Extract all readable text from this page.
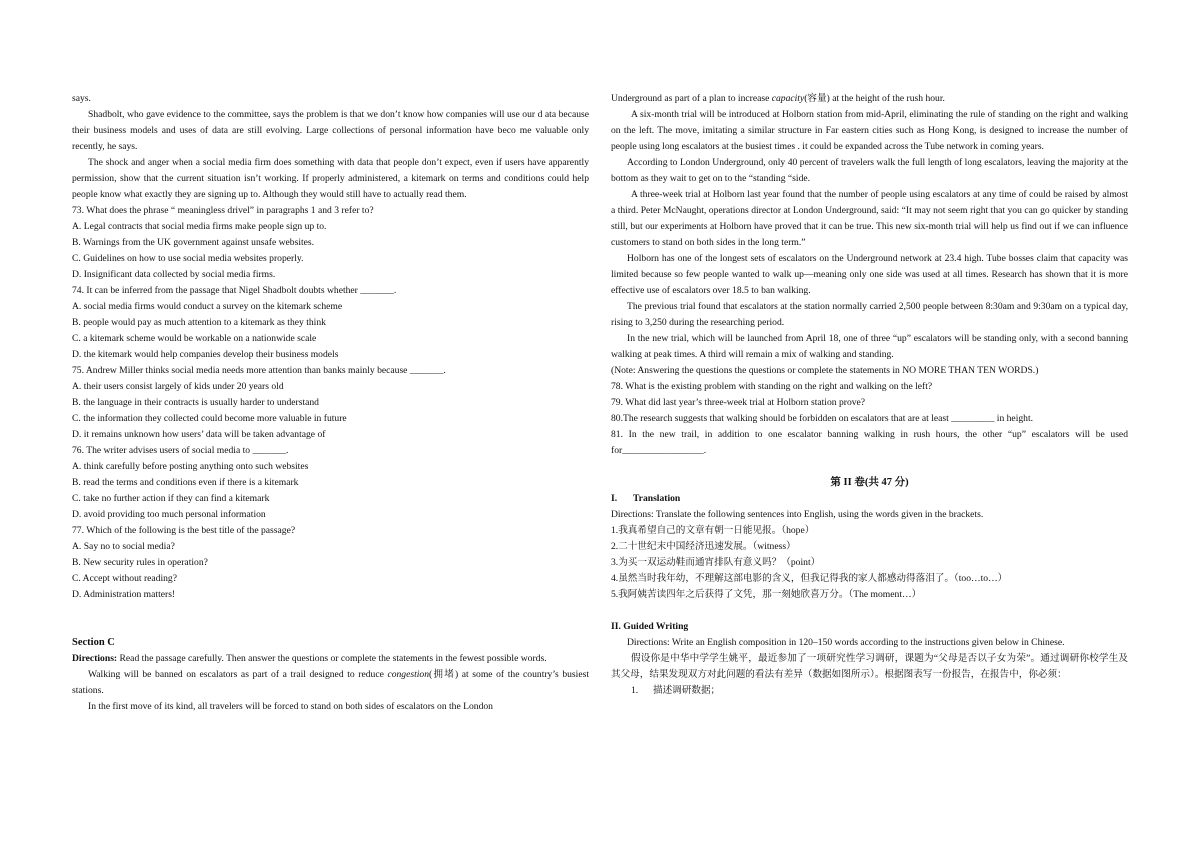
says.

Shadbolt, who gave evidence to the committee, says the problem is that we don’t know how companies will use our d ata because their business models and uses of data are still evolving. Large collections of personal information have beco me valuable only recently, he says.

The shock and anger when a social media firm does something with data that people don’t expect, even if users have apparently permission, show that the current situation isn’t working. If properly administered, a kitemark on terms and conditions could help people know what exactly they are signing up to. Although they would still have to actually read them.

73. What does the phrase “ meaningless drivel” in paragraphs 1 and 3 refer to?

A. Legal contracts that social media firms make people sign up to.

B. Warnings from the UK government against unsafe websites.

C. Guidelines on how to use social media websites properly.

D. Insignificant data collected by social media firms.

74. It can be inferred from the passage that Nigel Shadbolt doubts whether _______.

A. social media firms would conduct a survey on the kitemark scheme

B. people would pay as much attention to a kitemark as they think

C. a kitemark scheme would be workable on a nationwide scale

D. the kitemark would help companies develop their business models

75. Andrew Miller thinks social media needs more attention than banks mainly because _______.

A. their users consist largely of kids under 20 years old

B. the language in their contracts is usually harder to understand

C. the information they collected could become more valuable in future

D. it remains unknown how users’ data will be taken advantage of

76. The writer advises users of social media to _______.

A. think carefully before posting anything onto such websites

B. read the terms and conditions even if there is a kitemark

C. take no further action if they can find a kitemark

D. avoid providing too much personal information

77. Which of the following is the best title of the passage?

A. Say no to social media?

B. New security rules in operation?

C. Accept without reading?

D. Administration matters!

Section C

Directions: Read the passage carefully. Then answer the questions or complete the statements in the fewest possible words.

Walking will be banned on escalators as part of a trail designed to reduce congestion(拥堵) at some of the country’s busiest stations.

In the first move of its kind, all travelers will be forced to stand on both sides of escalators on the London

Underground as part of a plan to increase capacity(容量) at the height of the rush hour.

A six-month trial will be introduced at Holborn station from mid-April, eliminating the rule of standing on the right and walking on the left. The move, imitating a similar structure in Far eastern cities such as Hong Kong, is designed to increase the number of people using long escalators at the busiest times . it could be expanded across the Tube network in coming years.

According to London Underground, only 40 percent of travelers walk the full length of long escalators, leaving the majority at the bottom as they wait to get on to the “standing “side.

A three-week trial at Holborn last year found that the number of people using escalators at any time of could be raised by almost a third. Peter McNaught, operations director at London Underground, said: “It may not seem right that you can go quicker by standing still, but our experiments at Holborn have proved that it can be true. This new six-month trial will help us find out if we can influence customers to stand on both sides in the long term.”

Holborn has one of the longest sets of escalators on the Underground network at 23.4 high. Tube bosses claim that capacity was limited because so few people wanted to walk up—meaning only one side was used at all times. Research has shown that it is more effective use of escalators over 18.5 to ban walking.

The previous trial found that escalators at the station normally carried 2,500 people between 8:30am and 9:30am on a typical day, rising to 3,250 during the researching period.

In the new trial, which will be launched from April 18, one of three “up” escalators will be standing only, with a second banning walking at peak times. A third will remain a mix of walking and standing.

(Note: Answering the questions the questions or complete the statements in NO MORE THAN TEN WORDS.)

78. What is the existing problem with standing on the right and walking on the left?

79. What did last year’s three-week trial at Holborn station prove?

80.The research suggests that walking should be forbidden on escalators that are at least _________ in height.

81. In the new trail, in addition to one escalator banning walking in rush hours, the other “up” escalators will be used for_________________.

第 II 卷(共 47 分)

I. Translation

Directions: Translate the following sentences into English, using the words given in the brackets.

1.我真希望自己的文章有朝一日能见报。（hope）

2.二十世纪末中国经济迅速发展。（witness）

3.为买一双运动鞋而通宵排队有意义吗？（point）

4.虽然当时我年幼，不理解这部电影的含义，但我记得我的家人都感动得落泪了。（too…to…）

5.我阿姨苦读四年之后获得了文凭，那一刻她欣喜万分。（The moment…）

II. Guided Writing

Directions: Write an English composition in 120–150 words according to the instructions given below in Chinese.

假设你是中华中学学生姚平，最近参加了一项研究性学习调研，课题为“父母是否以子女为荣”。通过调研你校学生及其父母，结果发现双方对此问题的看法有差异（数据如图所示）。根据图表写一份报告，在报告中，你必须：

1. 描述调研数据；
